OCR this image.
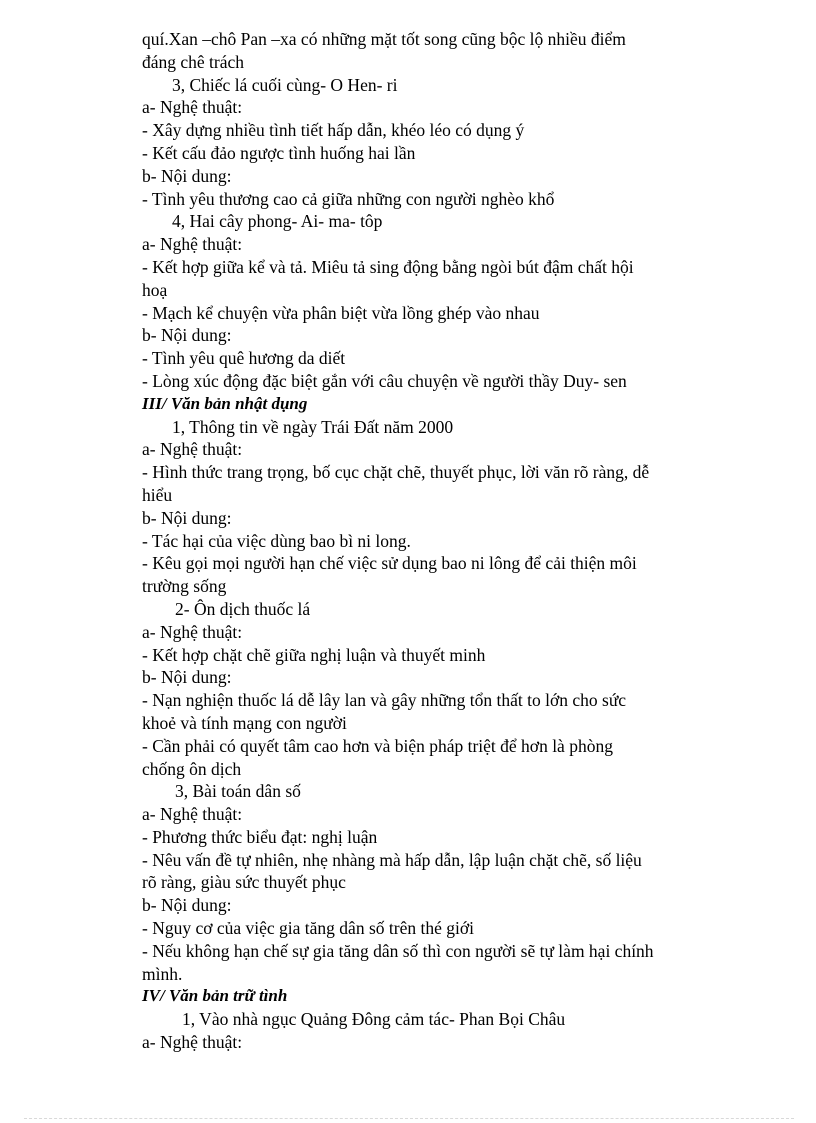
quí.Xan –chô Pan –xa có những mặt tốt song cũng bộc lộ nhiều điểm
đáng chê trách
3, Chiếc lá cuối cùng- O Hen- ri
a- Nghệ thuật:
- Xây dựng nhiều tình tiết hấp dẫn, khéo léo có dụng ý
- Kết cấu đảo ngược tình huống hai lần
b- Nội dung:
- Tình yêu thương cao cả giữa những con người nghèo khổ
4, Hai cây phong- Ai- ma- tôp
a- Nghệ thuật:
- Kết hợp giữa kể và tả. Miêu tả sing động bằng ngòi bút đậm chất hội
hoạ
- Mạch kể chuyện vừa phân biệt vừa lồng ghép vào nhau
b- Nội dung:
- Tình yêu quê hương da diết
- Lòng xúc động đặc biệt gắn với câu chuyện về người thầy Duy- sen
III/ Văn bản nhật dụng
1, Thông tin về ngày Trái Đất năm 2000
a- Nghệ thuật:
- Hình thức trang trọng, bố cục chặt chẽ, thuyết phục, lời văn rõ ràng, dễ
hiểu
b- Nội dung:
- Tác hại của việc dùng bao bì ni long.
- Kêu gọi mọi người hạn chế việc sử dụng bao ni lông để cải thiện môi
trường sống
2- Ôn dịch thuốc lá
a- Nghệ thuật:
- Kết hợp chặt chẽ giữa nghị luận và thuyết minh
b- Nội dung:
- Nạn nghiện thuốc lá dễ lây lan và gây những tổn thất to lớn cho sức
khoẻ và tính mạng con người
- Cần phải có quyết tâm cao hơn và biện pháp triệt để hơn là phòng
chống ôn dịch
3, Bài toán dân số
a- Nghệ thuật:
- Phương thức biểu đạt: nghị luận
- Nêu vấn đề tự nhiên, nhẹ nhàng mà hấp dẫn, lập luận chặt chẽ, số liệu
rõ ràng, giàu sức thuyết phục
b- Nội dung:
- Nguy cơ của việc gia tăng dân số trên thé giới
- Nếu không hạn chế sự gia tăng dân số thì con người sẽ tự làm hại chính
mình.
IV/ Văn bản trữ tình
1, Vào nhà ngục Quảng Đông cảm tác- Phan Bọi Châu
a- Nghệ thuật:
